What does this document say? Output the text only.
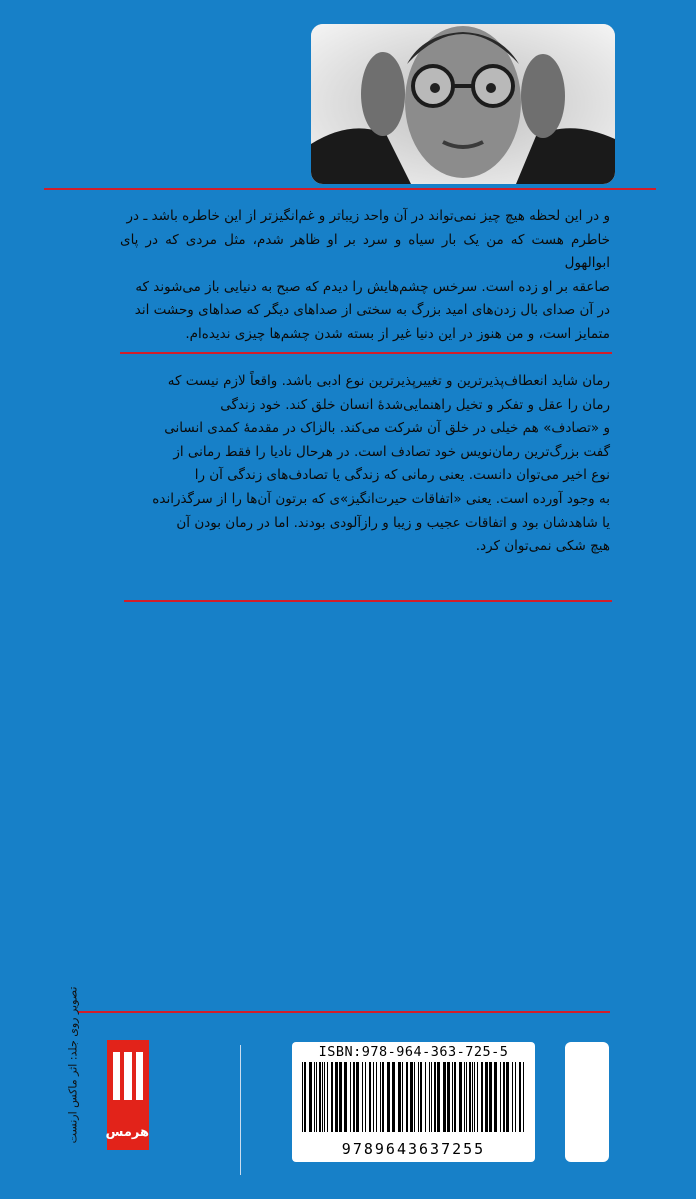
و در این لحظه هیچ چیز نمی‌تواند در آن واحد زیباتر و غم‌انگیزتر از این خاطره باشد ـ در

خاطرم هست که من یک بار سیاه و سرد بر او ظاهر شدم، مثل مردی که در پای ابوالهول

صاعقه بر او زده است. سرخس چشم‌هایش را دیدم که صبح به دنیایی باز می‌شوند که

در آن صدای بال زدن‌های امید بزرگ به سختی از صداهای دیگر که صداهای وحشت اند

متمایز است، و من هنوز در این دنیا غیر از بسته شدن چشم‌ها چیزی ندیده‌ام.

رمان شاید انعطاف‌پذیرترین و تغییرپذیرترین نوع ادبی باشد. واقعاً لازم نیست که

رمان را عقل و تفکر و تخیل راهنمایی‌شدهٔ انسان خلق کند. خود زندگی

و «تصادف» هم خیلی در خلق آن شرکت می‌کند. بالزاک در مقدمهٔ کمدی انسانی

گفت بزرگ‌ترین رمان‌نویس خود تصادف است. در هرحال نادیا را فقط رمانی از

نوع اخیر می‌توان دانست. یعنی رمانی که زندگی یا تصادف‌های زندگی آن را

به وجود آورده است. یعنی «اتفاقات حیرت‌انگیز»ی که برتون آن‌ها را از سرگذرانده

یا شاهدشان بود و اتفاقات عجیب و زیبا و رازآلودی بودند. اما در رمان بودن آن

هیچ شکی نمی‌توان کرد.

تصویر روی جلد: اثر ماکس ارنست هرمس
ISBN:978-964-363-725-5
9789643637255
